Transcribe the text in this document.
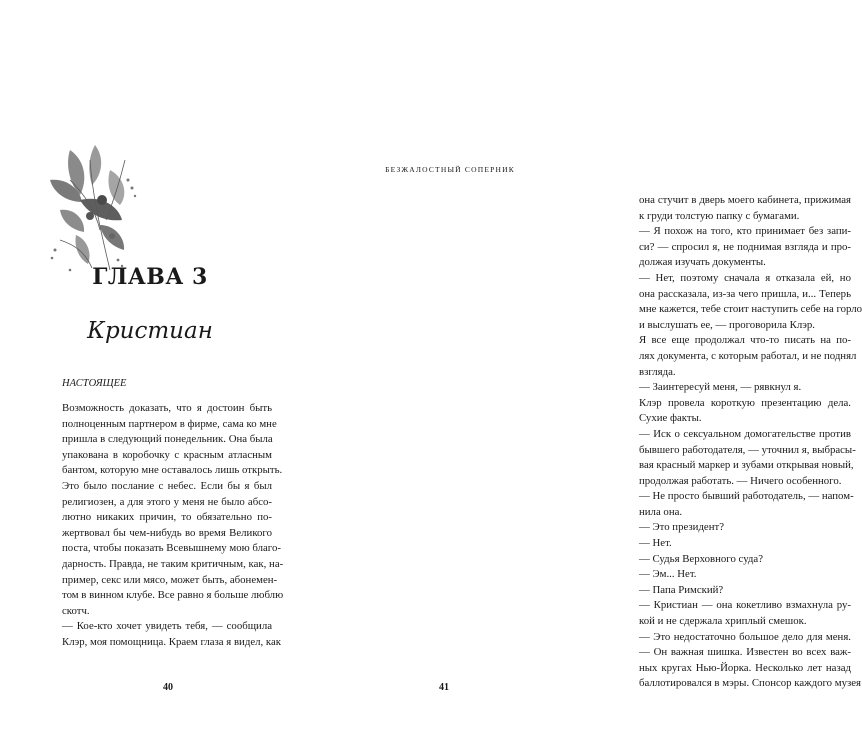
ГЛАВА 3
Кристиан
НАСТОЯЩЕЕ
Возможность доказать, что я достоин быть
полноценным партнером в фирме, сама ко мне
пришла в следующий понедельник. Она была
упакована в коробочку с красным атласным
бантом, которую мне оставалось лишь открыть.
Это было послание с небес. Если бы я был
религиозен, а для этого у меня не было абсо-
лютно никаких причин, то обязательно по-
жертвовал бы чем-нибудь во время Великого
поста, чтобы показать Всевышнему мою благо-
дарность. Правда, не таким критичным, как, на-
пример, секс или мясо, может быть, абонемен-
том в винном клубе. Все равно я больше люблю
скотч.
— Кое-кто хочет увидеть тебя, — сообщила
Клэр, моя помощница. Краем глаза я видел, как
40
БЕЗЖАЛОСТНЫЙ СОПЕРНИК
она стучит в дверь моего кабинета, прижимая
к груди толстую папку с бумагами.
— Я похож на того, кто принимает без запи-
си? — спросил я, не поднимая взгляда и про-
должая изучать документы.
— Нет, поэтому сначала я отказала ей, но
она рассказала, из-за чего пришла, и... Теперь
мне кажется, тебе стоит наступить себе на горло
и выслушать ее, — проговорила Клэр.
Я все еще продолжал что-то писать на по-
лях документа, с которым работал, и не поднял
взгляда.
— Заинтересуй меня, — рявкнул я.
Клэр провела короткую презентацию дела.
Сухие факты.
— Иск о сексуальном домогательстве против
бывшего работодателя, — уточнил я, выбрасы-
вая красный маркер и зубами открывая новый,
продолжая работать. — Ничего особенного.
— Не просто бывший работодатель, — напом-
нила она.
— Это президент?
— Нет.
— Судья Верховного суда?
— Эм... Нет.
— Папа Римский?
— Кристиан — она кокетливо взмахнула ру-
кой и не сдержала хриплый смешок.
— Это недостаточно большое дело для меня.
— Он важная шишка. Известен во всех важ-
ных кругах Нью-Йорка. Несколько лет назад
баллотировался в мэры. Спонсор каждого музея
41
